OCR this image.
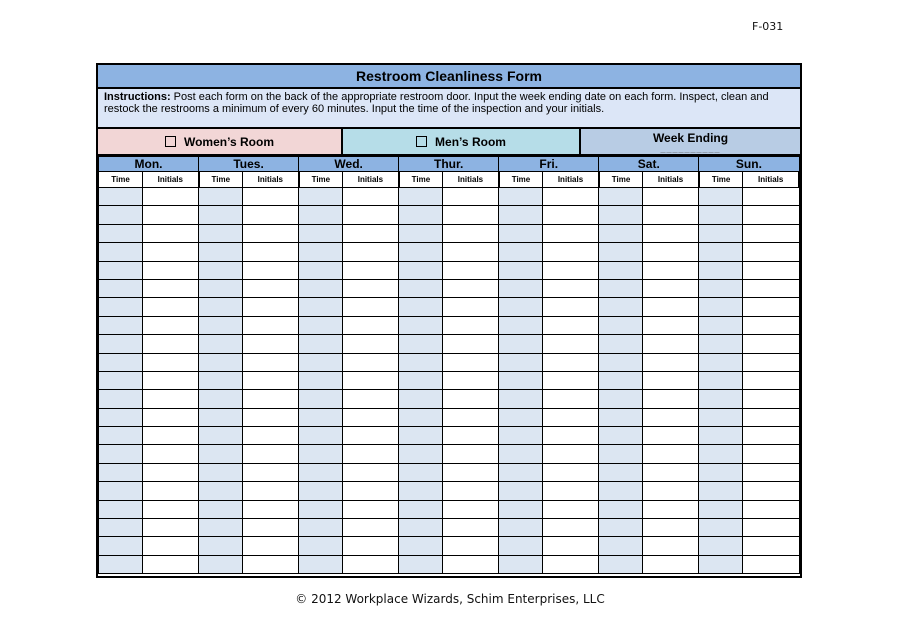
F-031
Restroom Cleanliness Form
Instructions: Post each form on the back of the appropriate restroom door. Input the week ending date on each form. Inspect, clean and restock the restrooms a minimum of every 60 minutes. Input the time of the inspection and your initials.
Women’s Room	Men’s Room	Week Ending
__________
Mon.		Tues.		Wed.		Thur.		Fri.		Sat.		Sun.	
Time	Initials	Time	Initials	Time	Initials	Time	Initials	Time	Initials	Time	Initials	Time	Initials

© 2012 Workplace Wizards, Schim Enterprises, LLC
